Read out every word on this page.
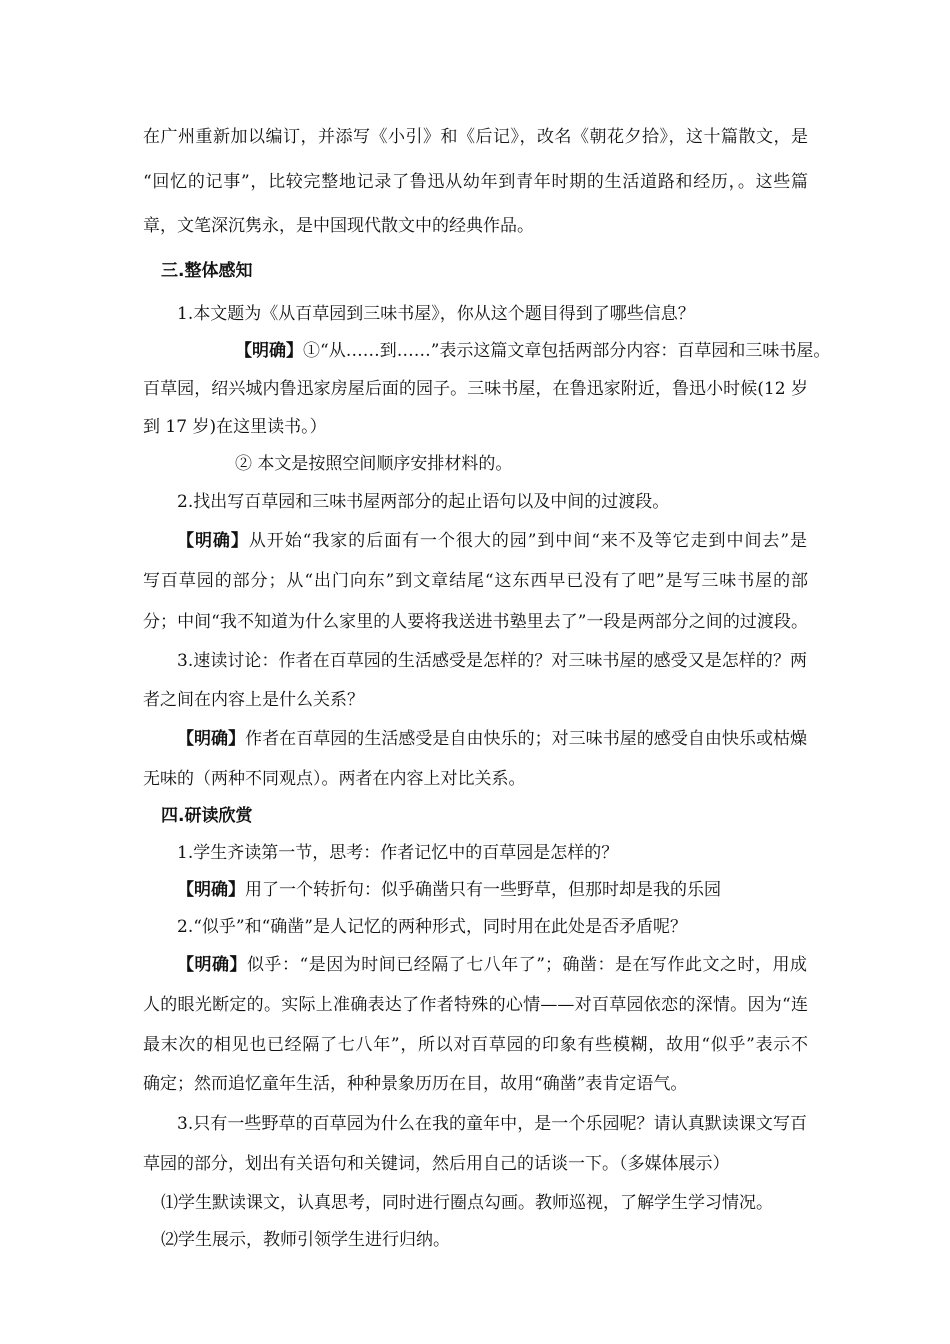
在广州重新加以编订，并添写《小引》和《后记》，改名《朝花夕拾》，这十篇散文，是
“回忆的记事”，比较完整地记录了鲁迅从幼年到青年时期的生活道路和经历，。这些篇
章，文笔深沉隽永，是中国现代散文中的经典作品。
三.整体感知
1.本文题为《从百草园到三味书屋》，你从这个题目得到了哪些信息？
【明确】①“从……到……”表示这篇文章包括两部分内容：百草园和三味书屋。
百草园，绍兴城内鲁迅家房屋后面的园子。三味书屋，在鲁迅家附近，鲁迅小时候(12 岁
到 17 岁)在这里读书。）
② 本文是按照空间顺序安排材料的。
2.找出写百草园和三味书屋两部分的起止语句以及中间的过渡段。
【明确】从开始“我家的后面有一个很大的园”到中间“来不及等它走到中间去”是
写百草园的部分；从“出门向东”到文章结尾“这东西早已没有了吧”是写三味书屋的部
分；中间“我不知道为什么家里的人要将我送进书塾里去了”一段是两部分之间的过渡段。
3.速读讨论：作者在百草园的生活感受是怎样的？对三味书屋的感受又是怎样的？两
者之间在内容上是什么关系？
【明确】作者在百草园的生活感受是自由快乐的；对三味书屋的感受自由快乐或枯燥
无味的（两种不同观点）。两者在内容上对比关系。
四.研读欣赏
1.学生齐读第一节，思考：作者记忆中的百草园是怎样的？
【明确】用了一个转折句：似乎确凿只有一些野草，但那时却是我的乐园
2.“似乎”和“确凿”是人记忆的两种形式，同时用在此处是否矛盾呢？
【明确】似乎：“是因为时间已经隔了七八年了”；确凿：是在写作此文之时，用成
人的眼光断定的。实际上准确表达了作者特殊的心情——对百草园依恋的深情。因为“连
最末次的相见也已经隔了七八年”，所以对百草园的印象有些模糊，故用“似乎”表示不
确定；然而追忆童年生活，种种景象历历在目，故用“确凿”表肯定语气。
3.只有一些野草的百草园为什么在我的童年中，是一个乐园呢？请认真默读课文写百
草园的部分，划出有关语句和关键词，然后用自己的话谈一下。（多媒体展示）
⑴学生默读课文，认真思考，同时进行圈点勾画。教师巡视，了解学生学习情况。
⑵学生展示，教师引领学生进行归纳。
